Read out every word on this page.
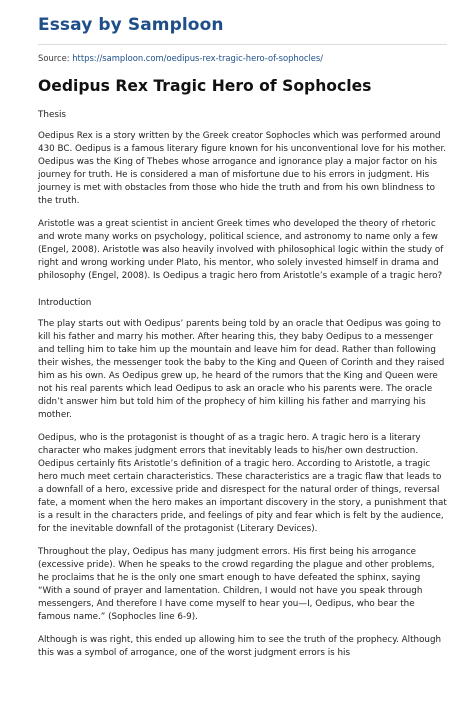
Essay by Samploon
Source: https://samploon.com/oedipus-rex-tragic-hero-of-sophocles/
Oedipus Rex Tragic Hero of Sophocles
Thesis

Oedipus Rex is a story written by the Greek creator Sophocles which was performed around 430 BC. Oedipus is a famous literary figure known for his unconventional love for his mother. Oedipus was the King of Thebes whose arrogance and ignorance play a major factor on his journey for truth. He is considered a man of misfortune due to his errors in judgment. His journey is met with obstacles from those who hide the truth and from his own blindness to the truth.

Aristotle was a great scientist in ancient Greek times who developed the theory of rhetoric and wrote many works on psychology, political science, and astronomy to name only a few (Engel, 2008). Aristotle was also heavily involved with philosophical logic within the study of right and wrong working under Plato, his mentor, who solely invested himself in drama and philosophy (Engel, 2008). Is Oedipus a tragic hero from Aristotle’s example of a tragic hero?

Introduction

The play starts out with Oedipus’ parents being told by an oracle that Oedipus was going to kill his father and marry his mother. After hearing this, they baby Oedipus to a messenger and telling him to take him up the mountain and leave him for dead. Rather than following their wishes, the messenger took the baby to the King and Queen of Corinth and they raised him as his own. As Oedipus grew up, he heard of the rumors that the King and Queen were not his real parents which lead Oedipus to ask an oracle who his parents were. The oracle didn’t answer him but told him of the prophecy of him killing his father and marrying his mother.

Oedipus, who is the protagonist is thought of as a tragic hero. A tragic hero is a literary character who makes judgment errors that inevitably leads to his/her own destruction. Oedipus certainly fits Aristotle’s definition of a tragic hero. According to Aristotle, a tragic hero much meet certain characteristics. These characteristics are a tragic flaw that leads to a downfall of a hero, excessive pride and disrespect for the natural order of things, reversal fate, a moment when the hero makes an important discovery in the story, a punishment that is a result in the characters pride, and feelings of pity and fear which is felt by the audience, for the inevitable downfall of the protagonist (Literary Devices).

Throughout the play, Oedipus has many judgment errors. His first being his arrogance (excessive pride). When he speaks to the crowd regarding the plague and other problems, he proclaims that he is the only one smart enough to have defeated the sphinx, saying “With a sound of prayer and lamentation. Children, I would not have you speak through messengers, And therefore I have come myself to hear you—I, Oedipus, who bear the famous name.” (Sophocles line 6-9).

Although is was right, this ended up allowing him to see the truth of the prophecy. Although this was a symbol of arrogance, one of the worst judgment errors is his
